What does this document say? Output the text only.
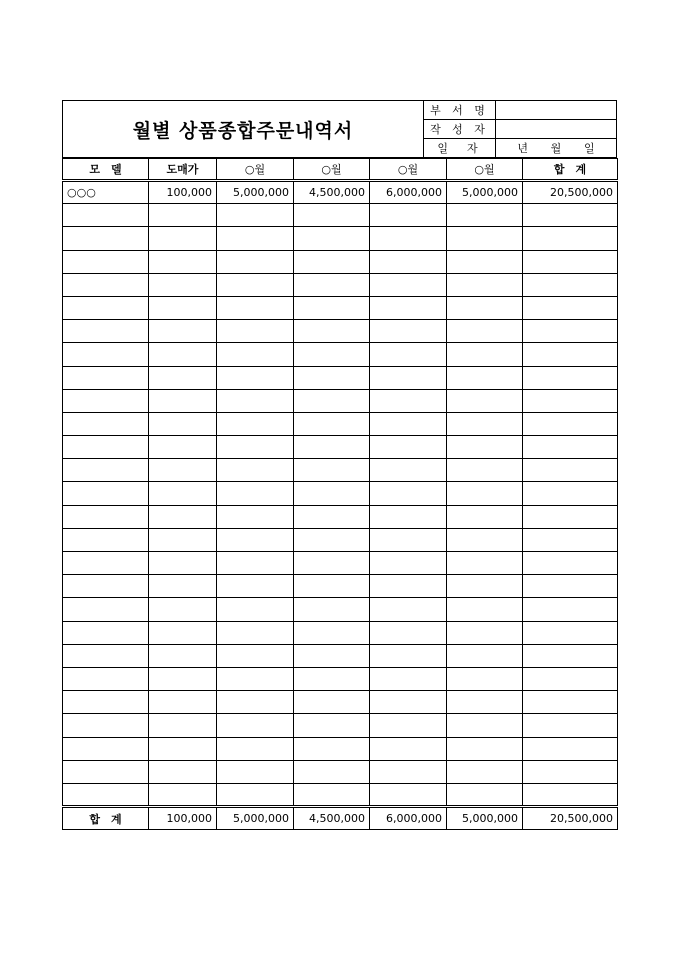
월별 상품종합주문내역서
부 서 명
작 성 자
일　자	년 월 일
모　델	도매가	○월	○월	○월	○월	합　계
○○○	100,000	5,000,000	4,500,000	6,000,000	5,000,000	20,500,000

합　계	100,000	5,000,000	4,500,000	6,000,000	5,000,000	20,500,000
